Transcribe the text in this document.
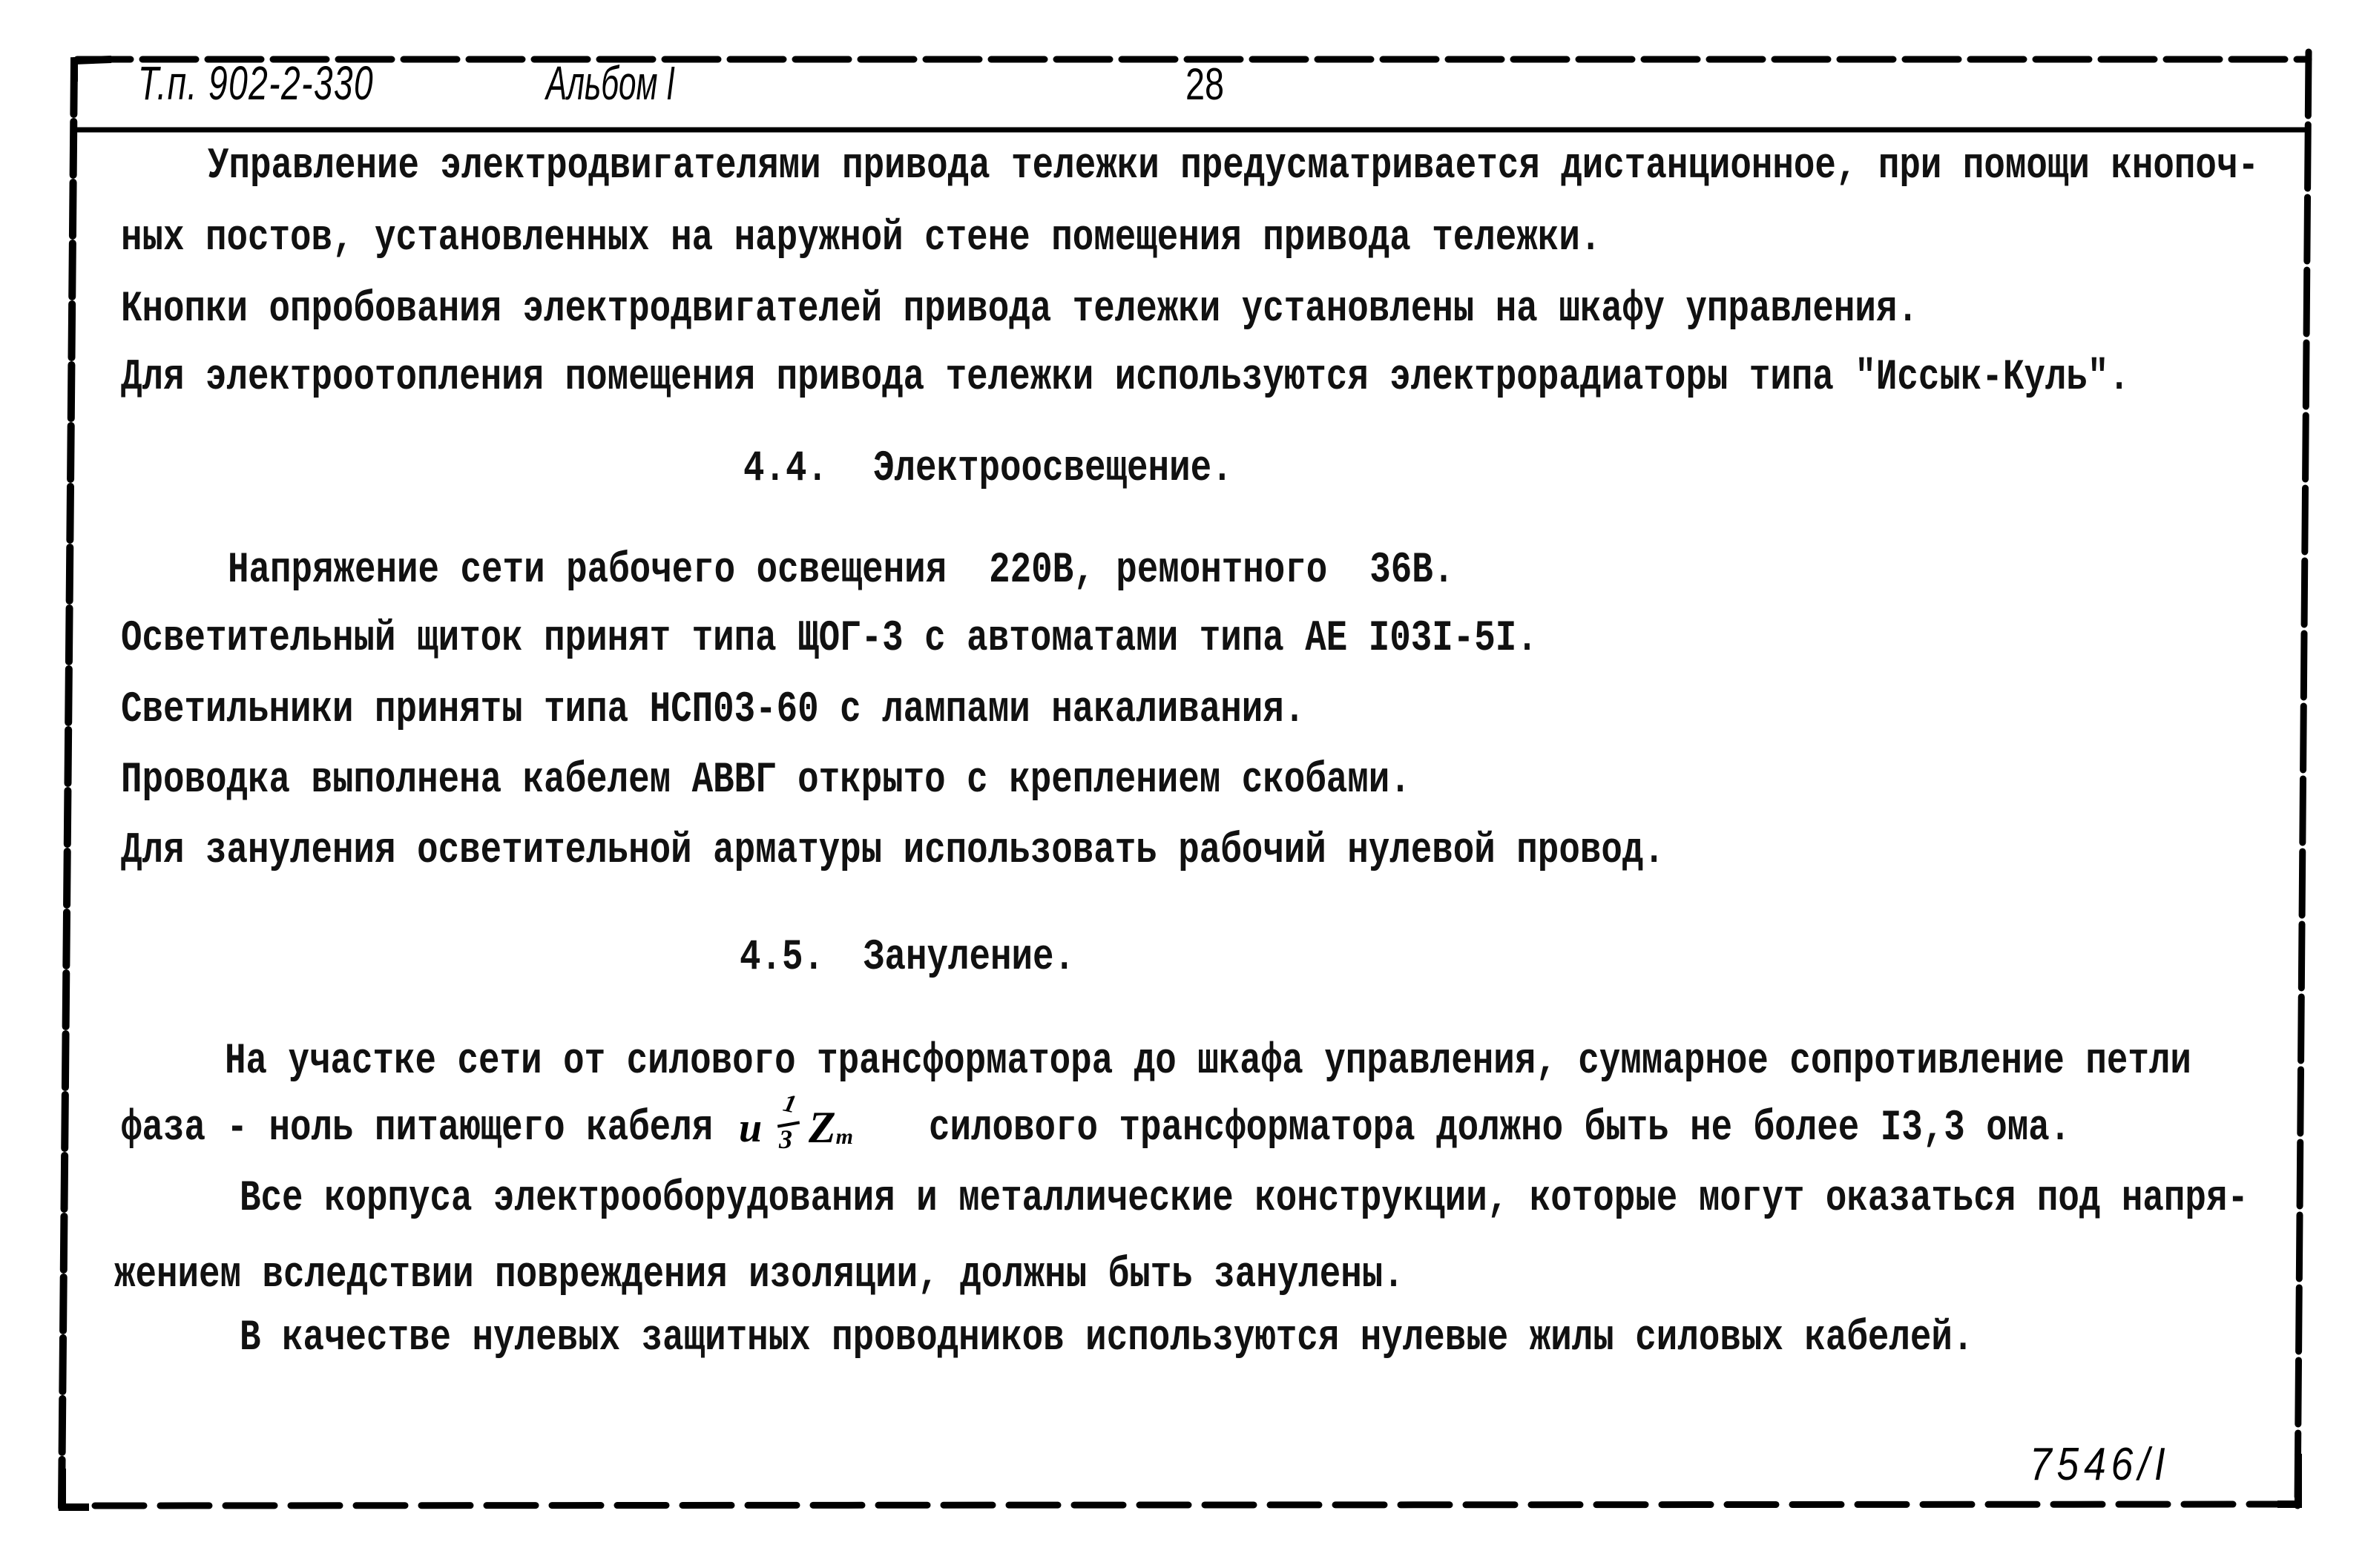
Т.п. 902-2-330	Альбом I	28
Управление электродвигателями привода тележки предусматривается дистанционное, при помощи кнопоч-
ных постов, установленных на наружной стене помещения привода тележки.
Кнопки опробования электродвигателей привода тележки установлены на шкафу управления.
Для электроотопления помещения привода тележки используются электрорадиаторы типа "Иссык-Куль".
4.4. Электроосвещение.
Напряжение сети рабочего освещения  220В, ремонтного  36В.
Осветительный щиток принят типа ЩОГ-3 с автоматами типа АЕ I03I-5I.
Светильники приняты типа НСП03-60 с лампами накаливания.
Проводка выполнена кабелем АВВГ открыто с креплением скобами.
Для зануления осветительной арматуры использовать рабочий нулевой провод.
4.5. Зануление.
На участке сети от силового трансформатора до шкафа управления, суммарное сопротивление петли
фаза - ноль питающего кабеля и
1
3 Zт силового трансформатора должно быть не более I3,3 ома.
Все корпуса электрооборудования и металлические конструкции, которые могут оказаться под напря-
жением вследствии повреждения изоляции, должны быть занулены.
В качестве нулевых защитных проводников используются нулевые жилы силовых кабелей.
7546/I
